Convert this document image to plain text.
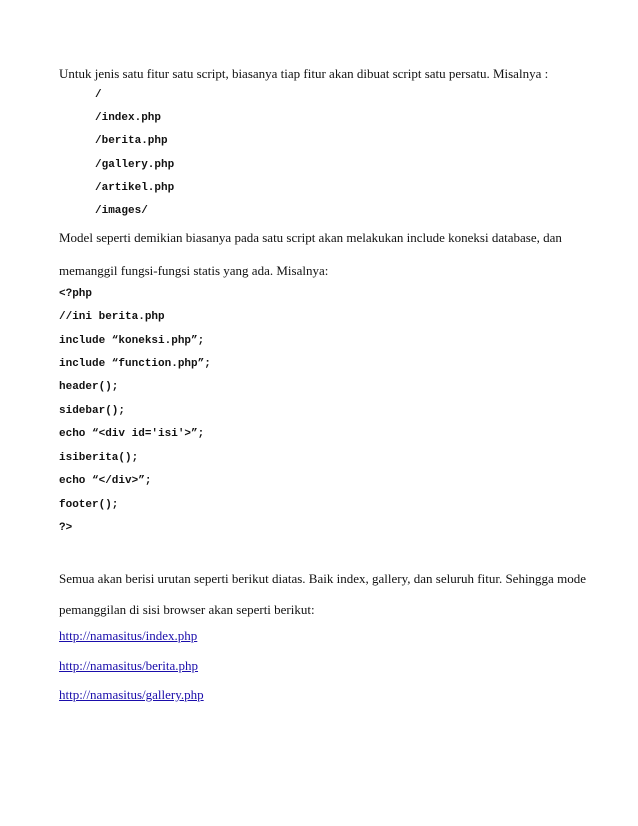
Untuk jenis satu fitur satu script, biasanya tiap fitur akan dibuat script satu persatu. Misalnya :
/
/index.php
/berita.php
/gallery.php
/artikel.php
/images/
Model seperti demikian biasanya pada satu script akan melakukan include koneksi database, dan
memanggil fungsi-fungsi statis yang ada. Misalnya:
<?php
//ini berita.php
include “koneksi.php”;
include “function.php”;
header();
sidebar();
echo “<div id='isi'>”;
isiberita();
echo “</div>”;
footer();
?>
Semua akan berisi urutan seperti berikut diatas. Baik index, gallery, dan seluruh fitur. Sehingga mode
pemanggilan di sisi browser akan seperti berikut:
http://namasitus/index.php
http://namasitus/berita.php
http://namasitus/gallery.php
